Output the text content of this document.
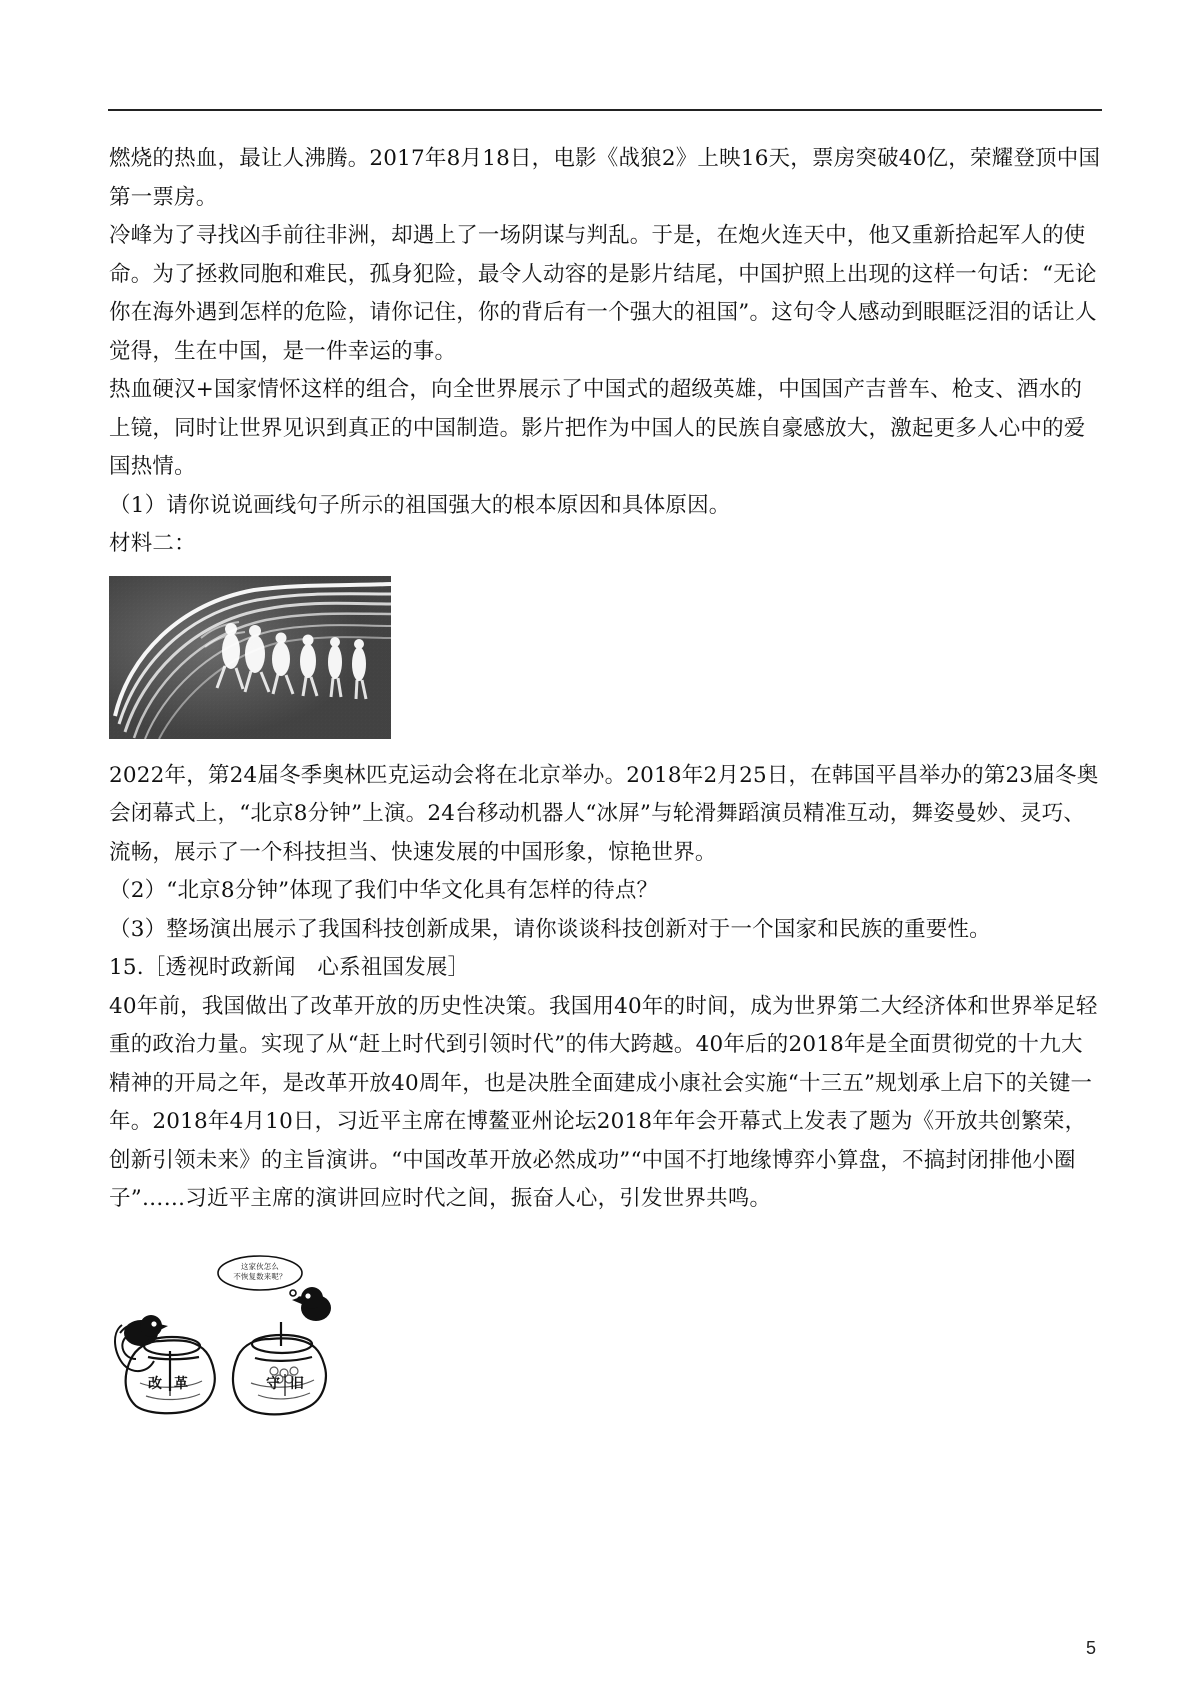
燃烧的热血，最让人沸腾。2017年8月18日，电影《战狼2》上映16天，票房突破40亿，荣耀登顶中国第一票房。

冷峰为了寻找凶手前往非洲，却遇上了一场阴谋与判乱。于是，在炮火连天中，他又重新拾起军人的使命。为了拯救同胞和难民，孤身犯险，最令人动容的是影片结尾，中国护照上出现的这样一句话：“无论你在海外遇到怎样的危险，请你记住，你的背后有一个强大的祖国”。这句令人感动到眼眶泛泪的话让人觉得，生在中国，是一件幸运的事。

热血硬汉+国家情怀这样的组合，向全世界展示了中国式的超级英雄，中国国产吉普车、枪支、酒水的上镜，同时让世界见识到真正的中国制造。影片把作为中国人的民族自豪感放大，激起更多人心中的爱国热情。

（1）请你说说画线句子所示的祖国强大的根本原因和具体原因。

材料二：

2022年，第24届冬季奥林匹克运动会将在北京举办。2018年2月25日，在韩国平昌举办的第23届冬奥会闭幕式上，“北京8分钟”上演。24台移动机器人“冰屏”与轮滑舞蹈演员精准互动，舞姿曼妙、灵巧、流畅，展示了一个科技担当、快速发展的中国形象，惊艳世界。

（2）“北京8分钟”体现了我们中华文化具有怎样的待点？

（3）整场演出展示了我国科技创新成果，请你谈谈科技创新对于一个国家和民族的重要性。

15.［透视时政新闻　心系祖国发展］

40年前，我国做出了改革开放的历史性决策。我国用40年的时间，成为世界第二大经济体和世界举足轻重的政治力量。实现了从“赶上时代到引领时代”的伟大跨越。40年后的2018年是全面贯彻党的十九大精神的开局之年，是改革开放40周年，也是决胜全面建成小康社会实施“十三五”规划承上启下的关键一年。2018年4月10日，习近平主席在博鳌亚州论坛2018年年会开幕式上发表了题为《开放共创繁荣，创新引领未来》的主旨演讲。“中国改革开放必然成功”“中国不打地缘博弈小算盘，不搞封闭排他小圈子”……习近平主席的演讲回应时代之间，振奋人心，引发世界共鸣。

这家伙怎么
不恢复数来呢？
改 革	守 旧
5
